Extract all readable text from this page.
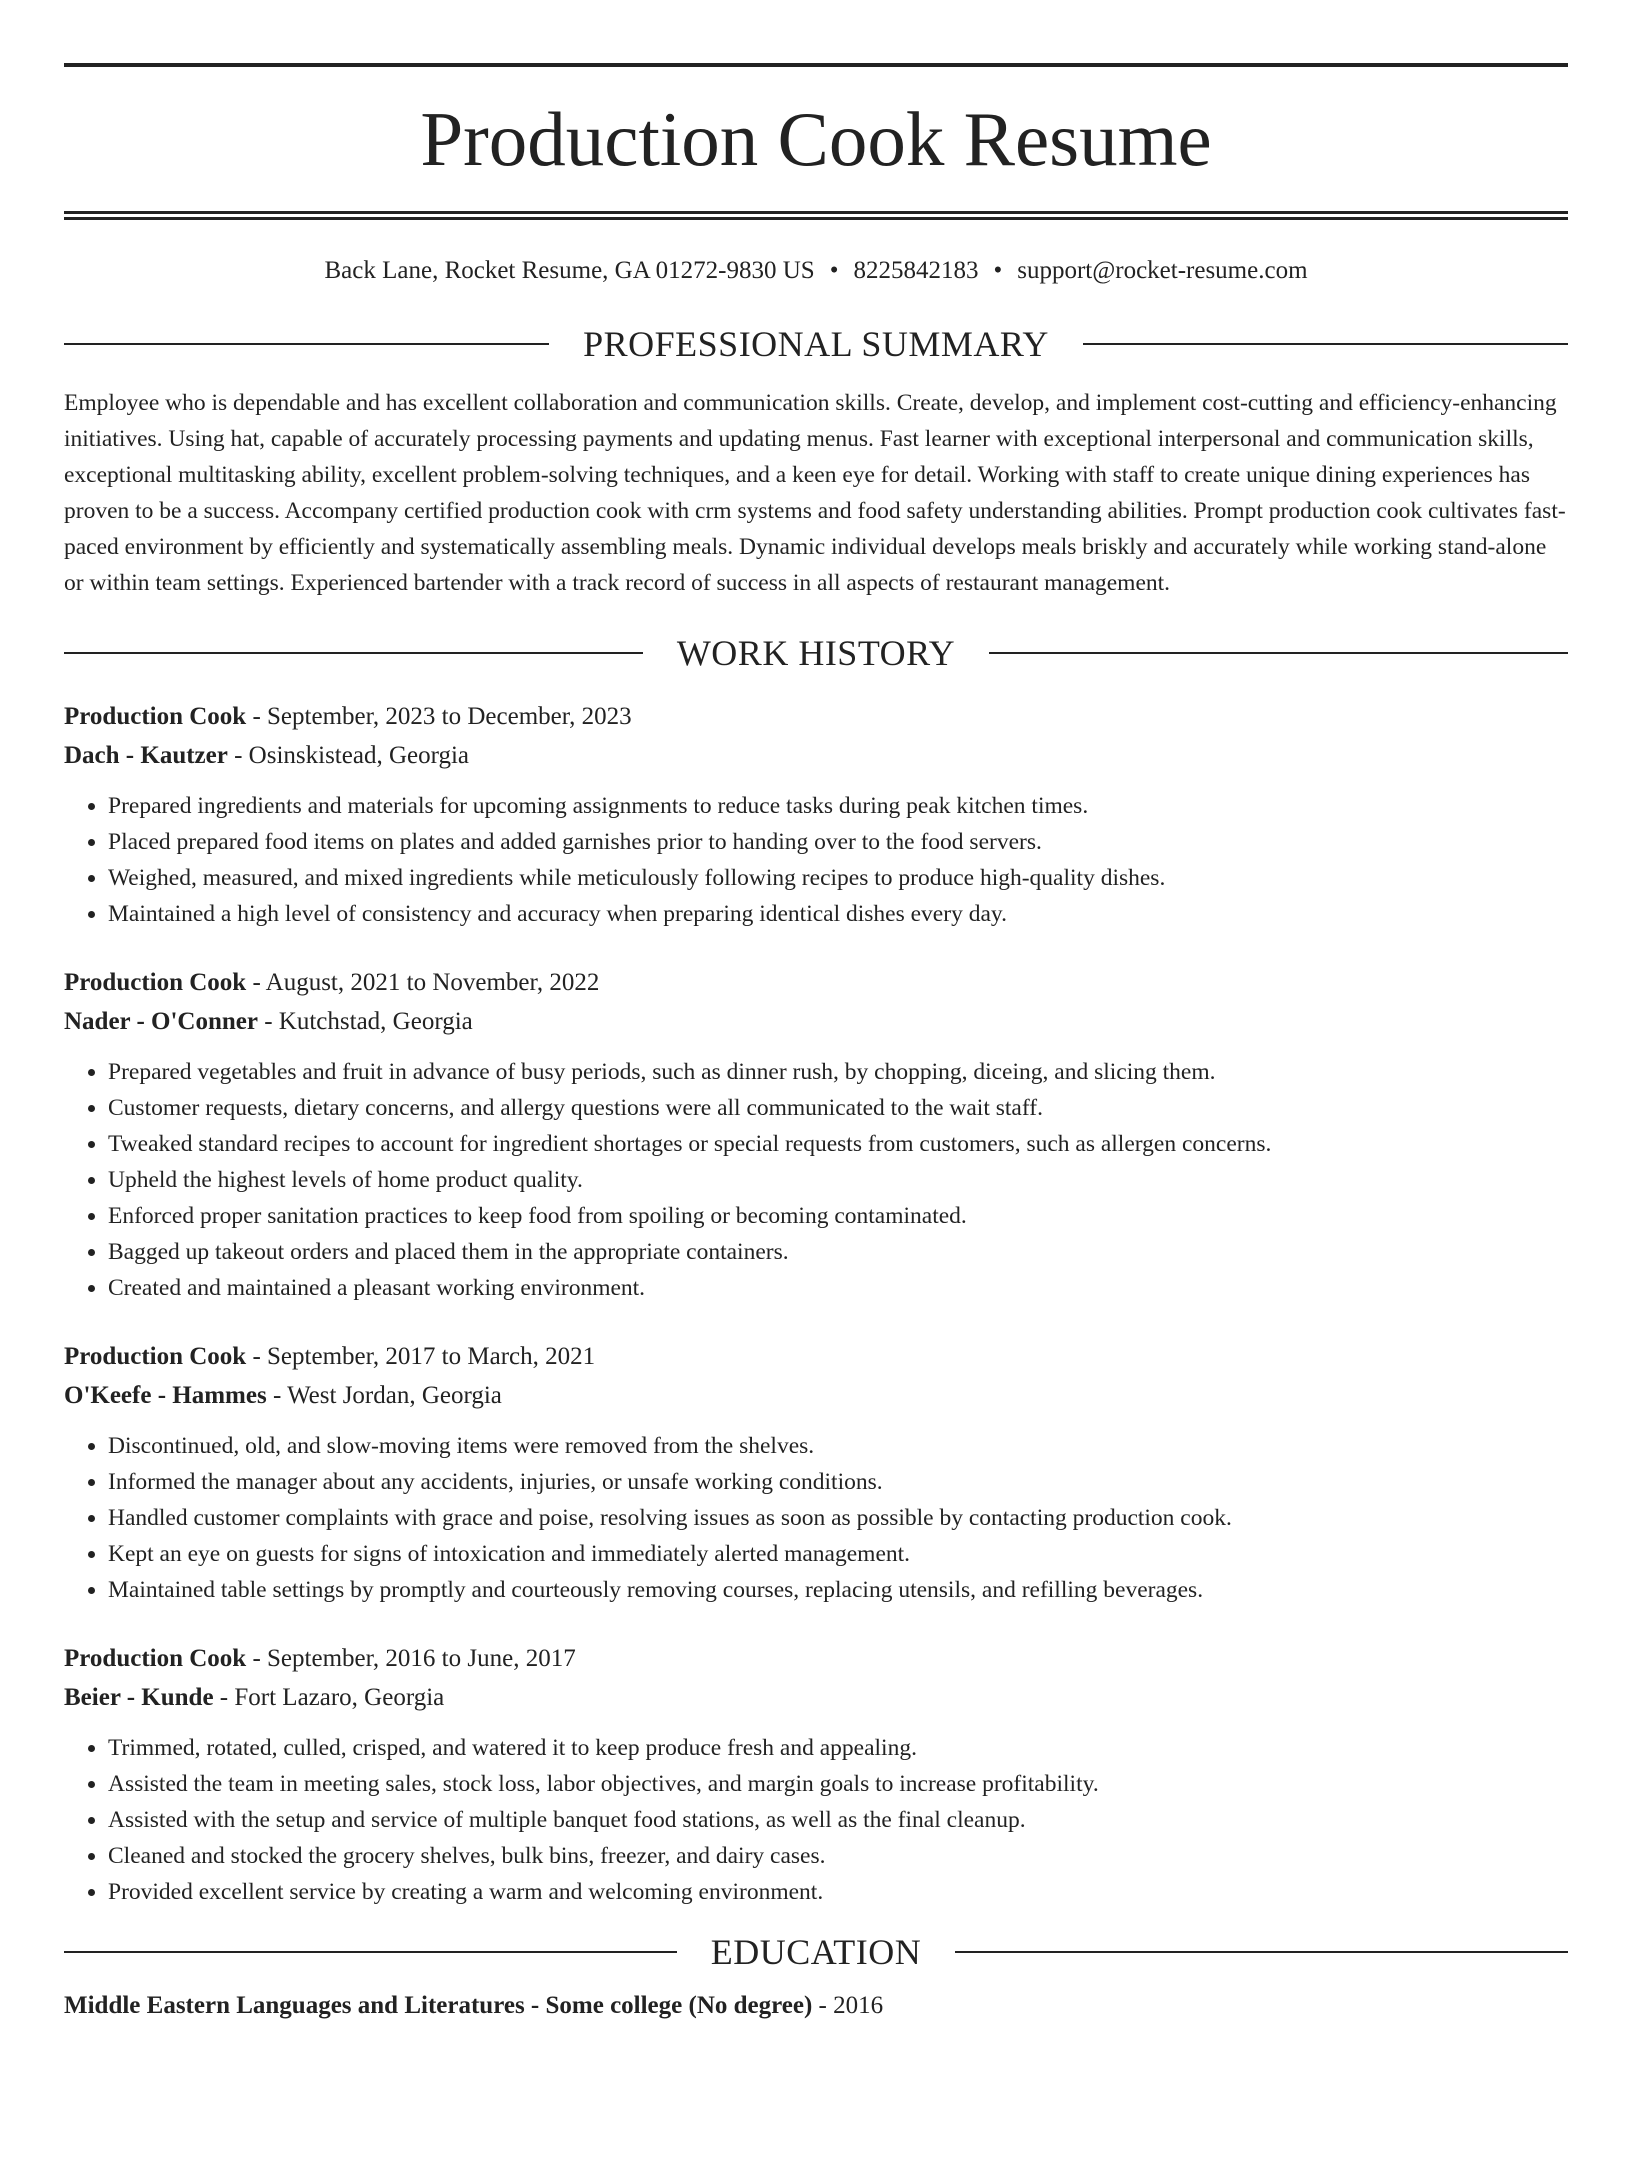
Production Cook Resume
Back Lane, Rocket Resume, GA 01272-9830 US • 8225842183 • support@rocket-resume.com
PROFESSIONAL SUMMARY
Employee who is dependable and has excellent collaboration and communication skills. Create, develop, and implement cost-cutting and efficiency-enhancing initiatives. Using hat, capable of accurately processing payments and updating menus. Fast learner with exceptional interpersonal and communication skills, exceptional multitasking ability, excellent problem-solving techniques, and a keen eye for detail. Working with staff to create unique dining experiences has proven to be a success. Accompany certified production cook with crm systems and food safety understanding abilities. Prompt production cook cultivates fast-paced environment by efficiently and systematically assembling meals. Dynamic individual develops meals briskly and accurately while working stand-alone or within team settings. Experienced bartender with a track record of success in all aspects of restaurant management.
WORK HISTORY
Production Cook - September, 2023 to December, 2023
Dach - Kautzer - Osinskistead, Georgia
• Prepared ingredients and materials for upcoming assignments to reduce tasks during peak kitchen times.
• Placed prepared food items on plates and added garnishes prior to handing over to the food servers.
• Weighed, measured, and mixed ingredients while meticulously following recipes to produce high-quality dishes.
• Maintained a high level of consistency and accuracy when preparing identical dishes every day.
Production Cook - August, 2021 to November, 2022
Nader - O'Conner - Kutchstad, Georgia
• Prepared vegetables and fruit in advance of busy periods, such as dinner rush, by chopping, diceing, and slicing them.
• Customer requests, dietary concerns, and allergy questions were all communicated to the wait staff.
• Tweaked standard recipes to account for ingredient shortages or special requests from customers, such as allergen concerns.
• Upheld the highest levels of home product quality.
• Enforced proper sanitation practices to keep food from spoiling or becoming contaminated.
• Bagged up takeout orders and placed them in the appropriate containers.
• Created and maintained a pleasant working environment.
Production Cook - September, 2017 to March, 2021
O'Keefe - Hammes - West Jordan, Georgia
• Discontinued, old, and slow-moving items were removed from the shelves.
• Informed the manager about any accidents, injuries, or unsafe working conditions.
• Handled customer complaints with grace and poise, resolving issues as soon as possible by contacting production cook.
• Kept an eye on guests for signs of intoxication and immediately alerted management.
• Maintained table settings by promptly and courteously removing courses, replacing utensils, and refilling beverages.
Production Cook - September, 2016 to June, 2017
Beier - Kunde - Fort Lazaro, Georgia
• Trimmed, rotated, culled, crisped, and watered it to keep produce fresh and appealing.
• Assisted the team in meeting sales, stock loss, labor objectives, and margin goals to increase profitability.
• Assisted with the setup and service of multiple banquet food stations, as well as the final cleanup.
• Cleaned and stocked the grocery shelves, bulk bins, freezer, and dairy cases.
• Provided excellent service by creating a warm and welcoming environment.
EDUCATION
Middle Eastern Languages and Literatures - Some college (No degree) - 2016
